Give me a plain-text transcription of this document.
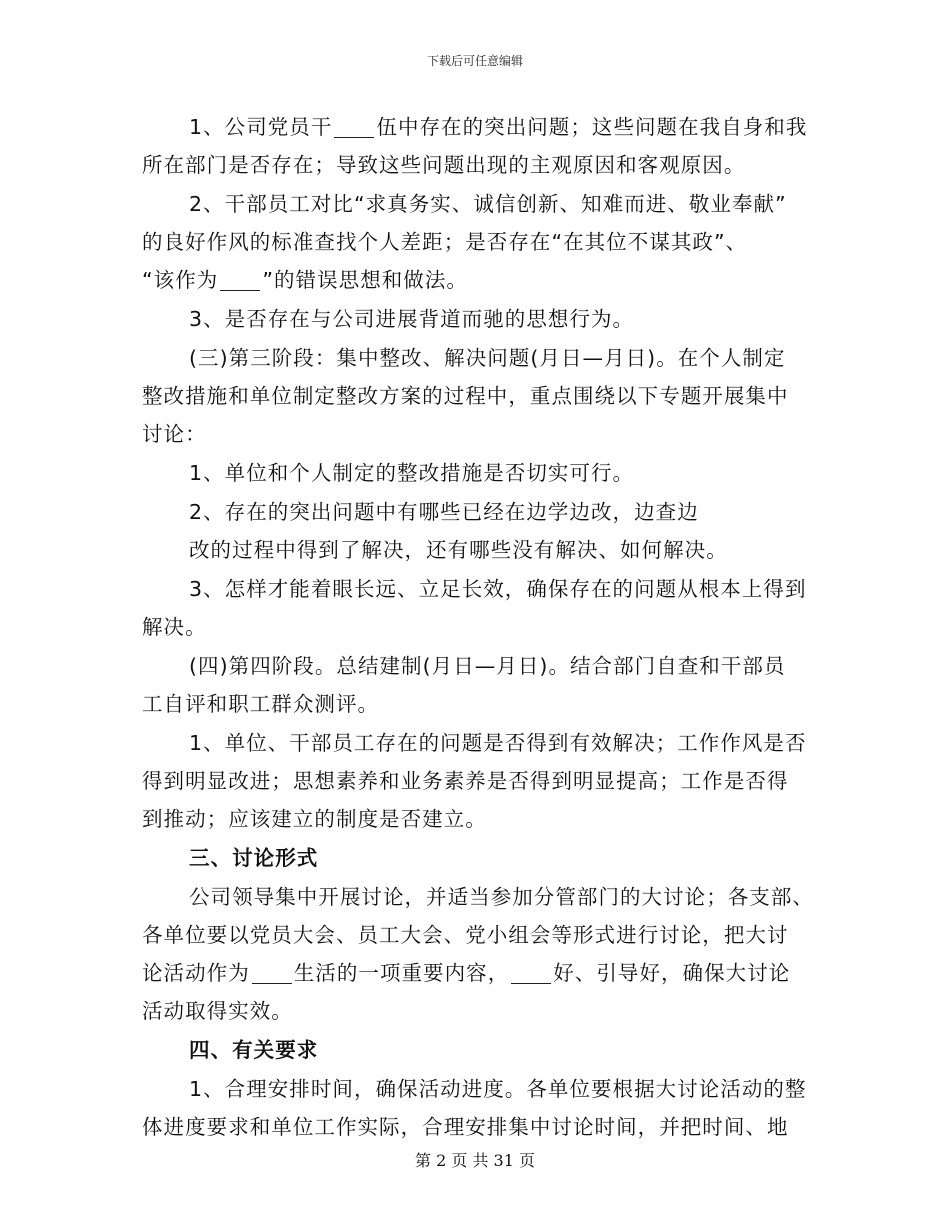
下载后可任意编辑
1、公司党员干 伍中存在的突出问题；这些问题在我自身和我
所在部门是否存在；导致这些问题出现的主观原因和客观原因。
2、干部员工对比“求真务实、诚信创新、知难而进、敬业奉献”
的良好作风的标准查找个人差距；是否存在“在其位不谋其政”、
“该作为 ”的错误思想和做法。
3、是否存在与公司进展背道而驰的思想行为。
(三)第三阶段：集中整改、解决问题(月日—月日)。在个人制定
整改措施和单位制定整改方案的过程中，重点围绕以下专题开展集中
讨论：
1、单位和个人制定的整改措施是否切实可行。
2、存在的突出问题中有哪些已经在边学边改，边查边
改的过程中得到了解决，还有哪些没有解决、如何解决。
3、怎样才能着眼长远、立足长效，确保存在的问题从根本上得到
解决。
(四)第四阶段。总结建制(月日—月日)。结合部门自查和干部员
工自评和职工群众测评。
1、单位、干部员工存在的问题是否得到有效解决；工作作风是否
得到明显改进；思想素养和业务素养是否得到明显提高；工作是否得
到推动；应该建立的制度是否建立。
三、讨论形式
公司领导集中开展讨论，并适当参加分管部门的大讨论；各支部、
各单位要以党员大会、员工大会、党小组会等形式进行讨论，把大讨
论活动作为 生活的一项重要内容， 好、引导好，确保大讨论
活动取得实效。
四、有关要求
1、合理安排时间，确保活动进度。各单位要根据大讨论活动的整
体进度要求和单位工作实际，合理安排集中讨论时间，并把时间、地
第 2 页 共 31 页
